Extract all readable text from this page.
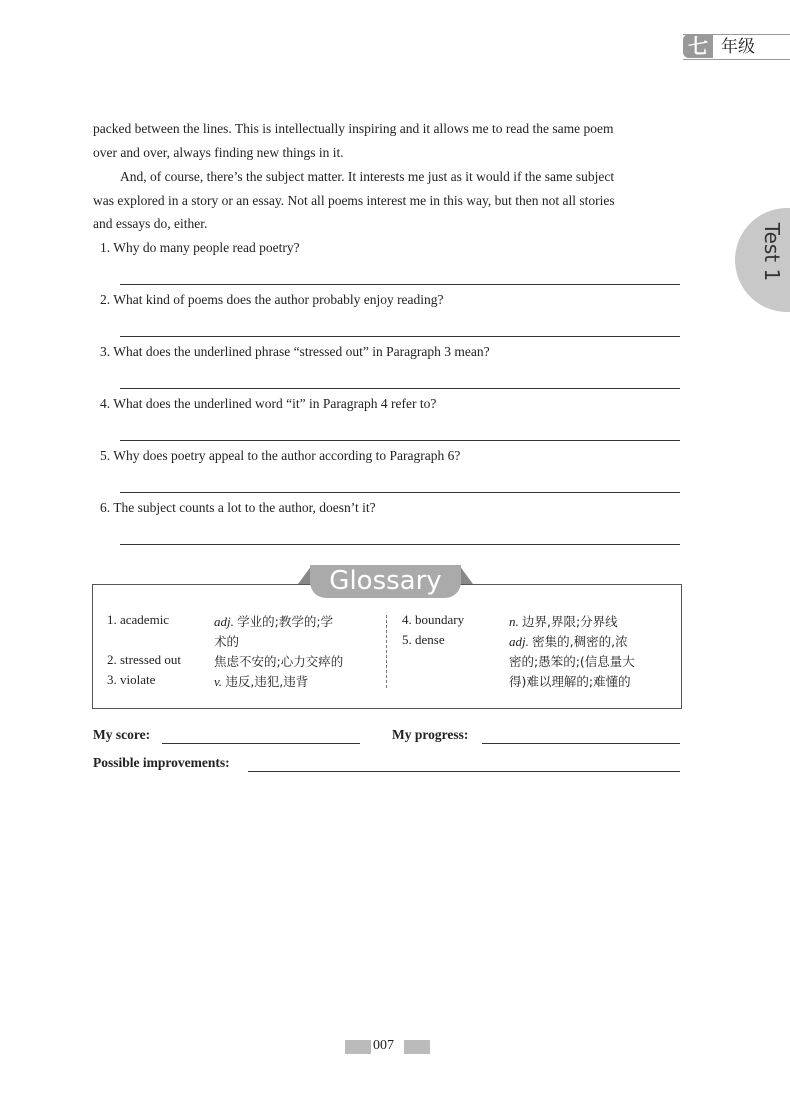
七 年级
Test 1
packed between the lines. This is intellectually inspiring and it allows me to read the same poem
over and over, always finding new things in it.
And, of course, there’s the subject matter. It interests me just as it would if the same subject
was explored in a story or an essay. Not all poems interest me in this way, but then not all stories
and essays do, either.
1. Why do many people read poetry?
2. What kind of poems does the author probably enjoy reading?
3. What does the underlined phrase “stressed out” in Paragraph 3 mean?
4. What does the underlined word “it” in Paragraph 4 refer to?
5. Why does poetry appeal to the author according to Paragraph 6?
6. The subject counts a lot to the author, doesn’t it?
Glossary
1. academic	adj. 学业的;教学的;学
术的
2. stressed out	焦虑不安的;心力交瘁的
3. violate	v. 违反,违犯,违背
4. boundary	n. 边界,界限;分界线
5. dense	adj. 密集的,稠密的,浓
密的;愚笨的;(信息量大
得)难以理解的;难懂的
My score:	My progress:
Possible improvements:
007
